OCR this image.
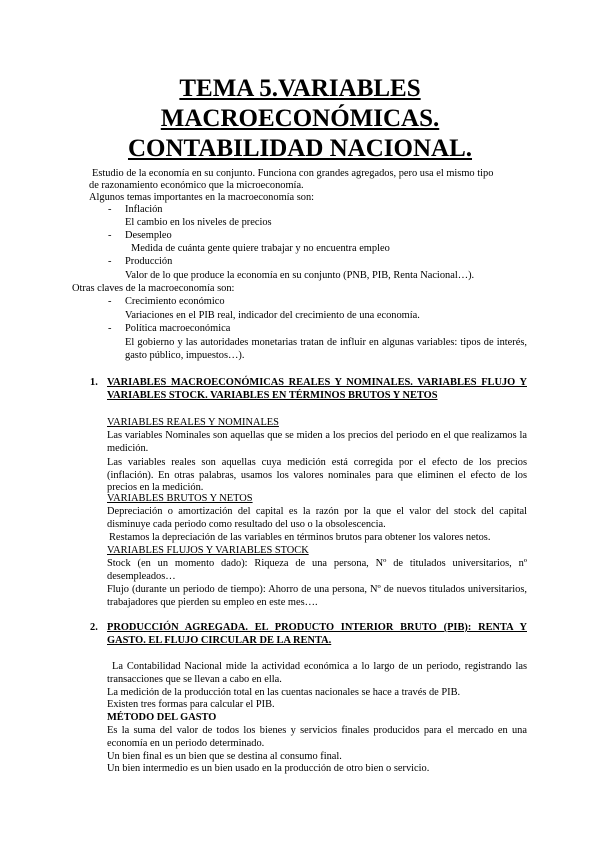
TEMA 5.VARIABLES
MACROECONÓMICAS.
CONTABILIDAD NACIONAL.
Estudio de la economía en su conjunto. Funciona con grandes agregados, pero usa el mismo tipo
de razonamiento económico que la microeconomía.
Algunos temas importantes en la macroeconomía son:
- Inflación
El cambio en los niveles de precios
- Desempleo
Medida de cuánta gente quiere trabajar y no encuentra empleo
- Producción
Valor de lo que produce la economía en su conjunto (PNB, PIB, Renta Nacional…).
Otras claves de la macroeconomía son:
- Crecimiento económico
Variaciones en el PIB real, indicador del crecimiento de una economía.
- Política macroeconómica
El gobierno y las autoridades monetarias tratan de influir en algunas variables: tipos de interés, gasto público, impuestos…).
1. VARIABLES MACROECONÓMICAS REALES Y NOMINALES. VARIABLES FLUJO Y VARIABLES STOCK. VARIABLES EN TÉRMINOS BRUTOS Y NETOS
VARIABLES REALES Y NOMINALES
Las variables Nominales son aquellas que se miden a los precios del periodo en el que realizamos la medición.
Las variables reales son aquellas cuya medición está corregida por el efecto de los precios (inflación). En otras palabras, usamos los valores nominales para que eliminen el efecto de los precios en la medición.
VARIABLES BRUTOS Y NETOS
Depreciación o amortización del capital es la razón por la que el valor del stock del capital disminuye cada periodo como resultado del uso o la obsolescencia.
Restamos la depreciación de las variables en términos brutos para obtener los valores netos.
VARIABLES FLUJOS Y VARIABLES STOCK
Stock (en un momento dado): Riqueza de una persona, Nº de titulados universitarios, nº desempleados…
Flujo (durante un periodo de tiempo): Ahorro de una persona, Nº de nuevos titulados universitarios, trabajadores que pierden su empleo en este mes….
2. PRODUCCIÓN AGREGADA. EL PRODUCTO INTERIOR BRUTO (PIB): RENTA Y GASTO. EL FLUJO CIRCULAR DE LA RENTA.
La Contabilidad Nacional mide la actividad económica a lo largo de un periodo, registrando las transacciones que se llevan a cabo en ella.
La medición de la producción total en las cuentas nacionales se hace a través de PIB.
Existen tres formas para calcular el PIB.
MÉTODO DEL GASTO
Es la suma del valor de todos los bienes y servicios finales producidos para el mercado en una economía en un periodo determinado.
Un bien final es un bien que se destina al consumo final.
Un bien intermedio es un bien usado en la producción de otro bien o servicio.
